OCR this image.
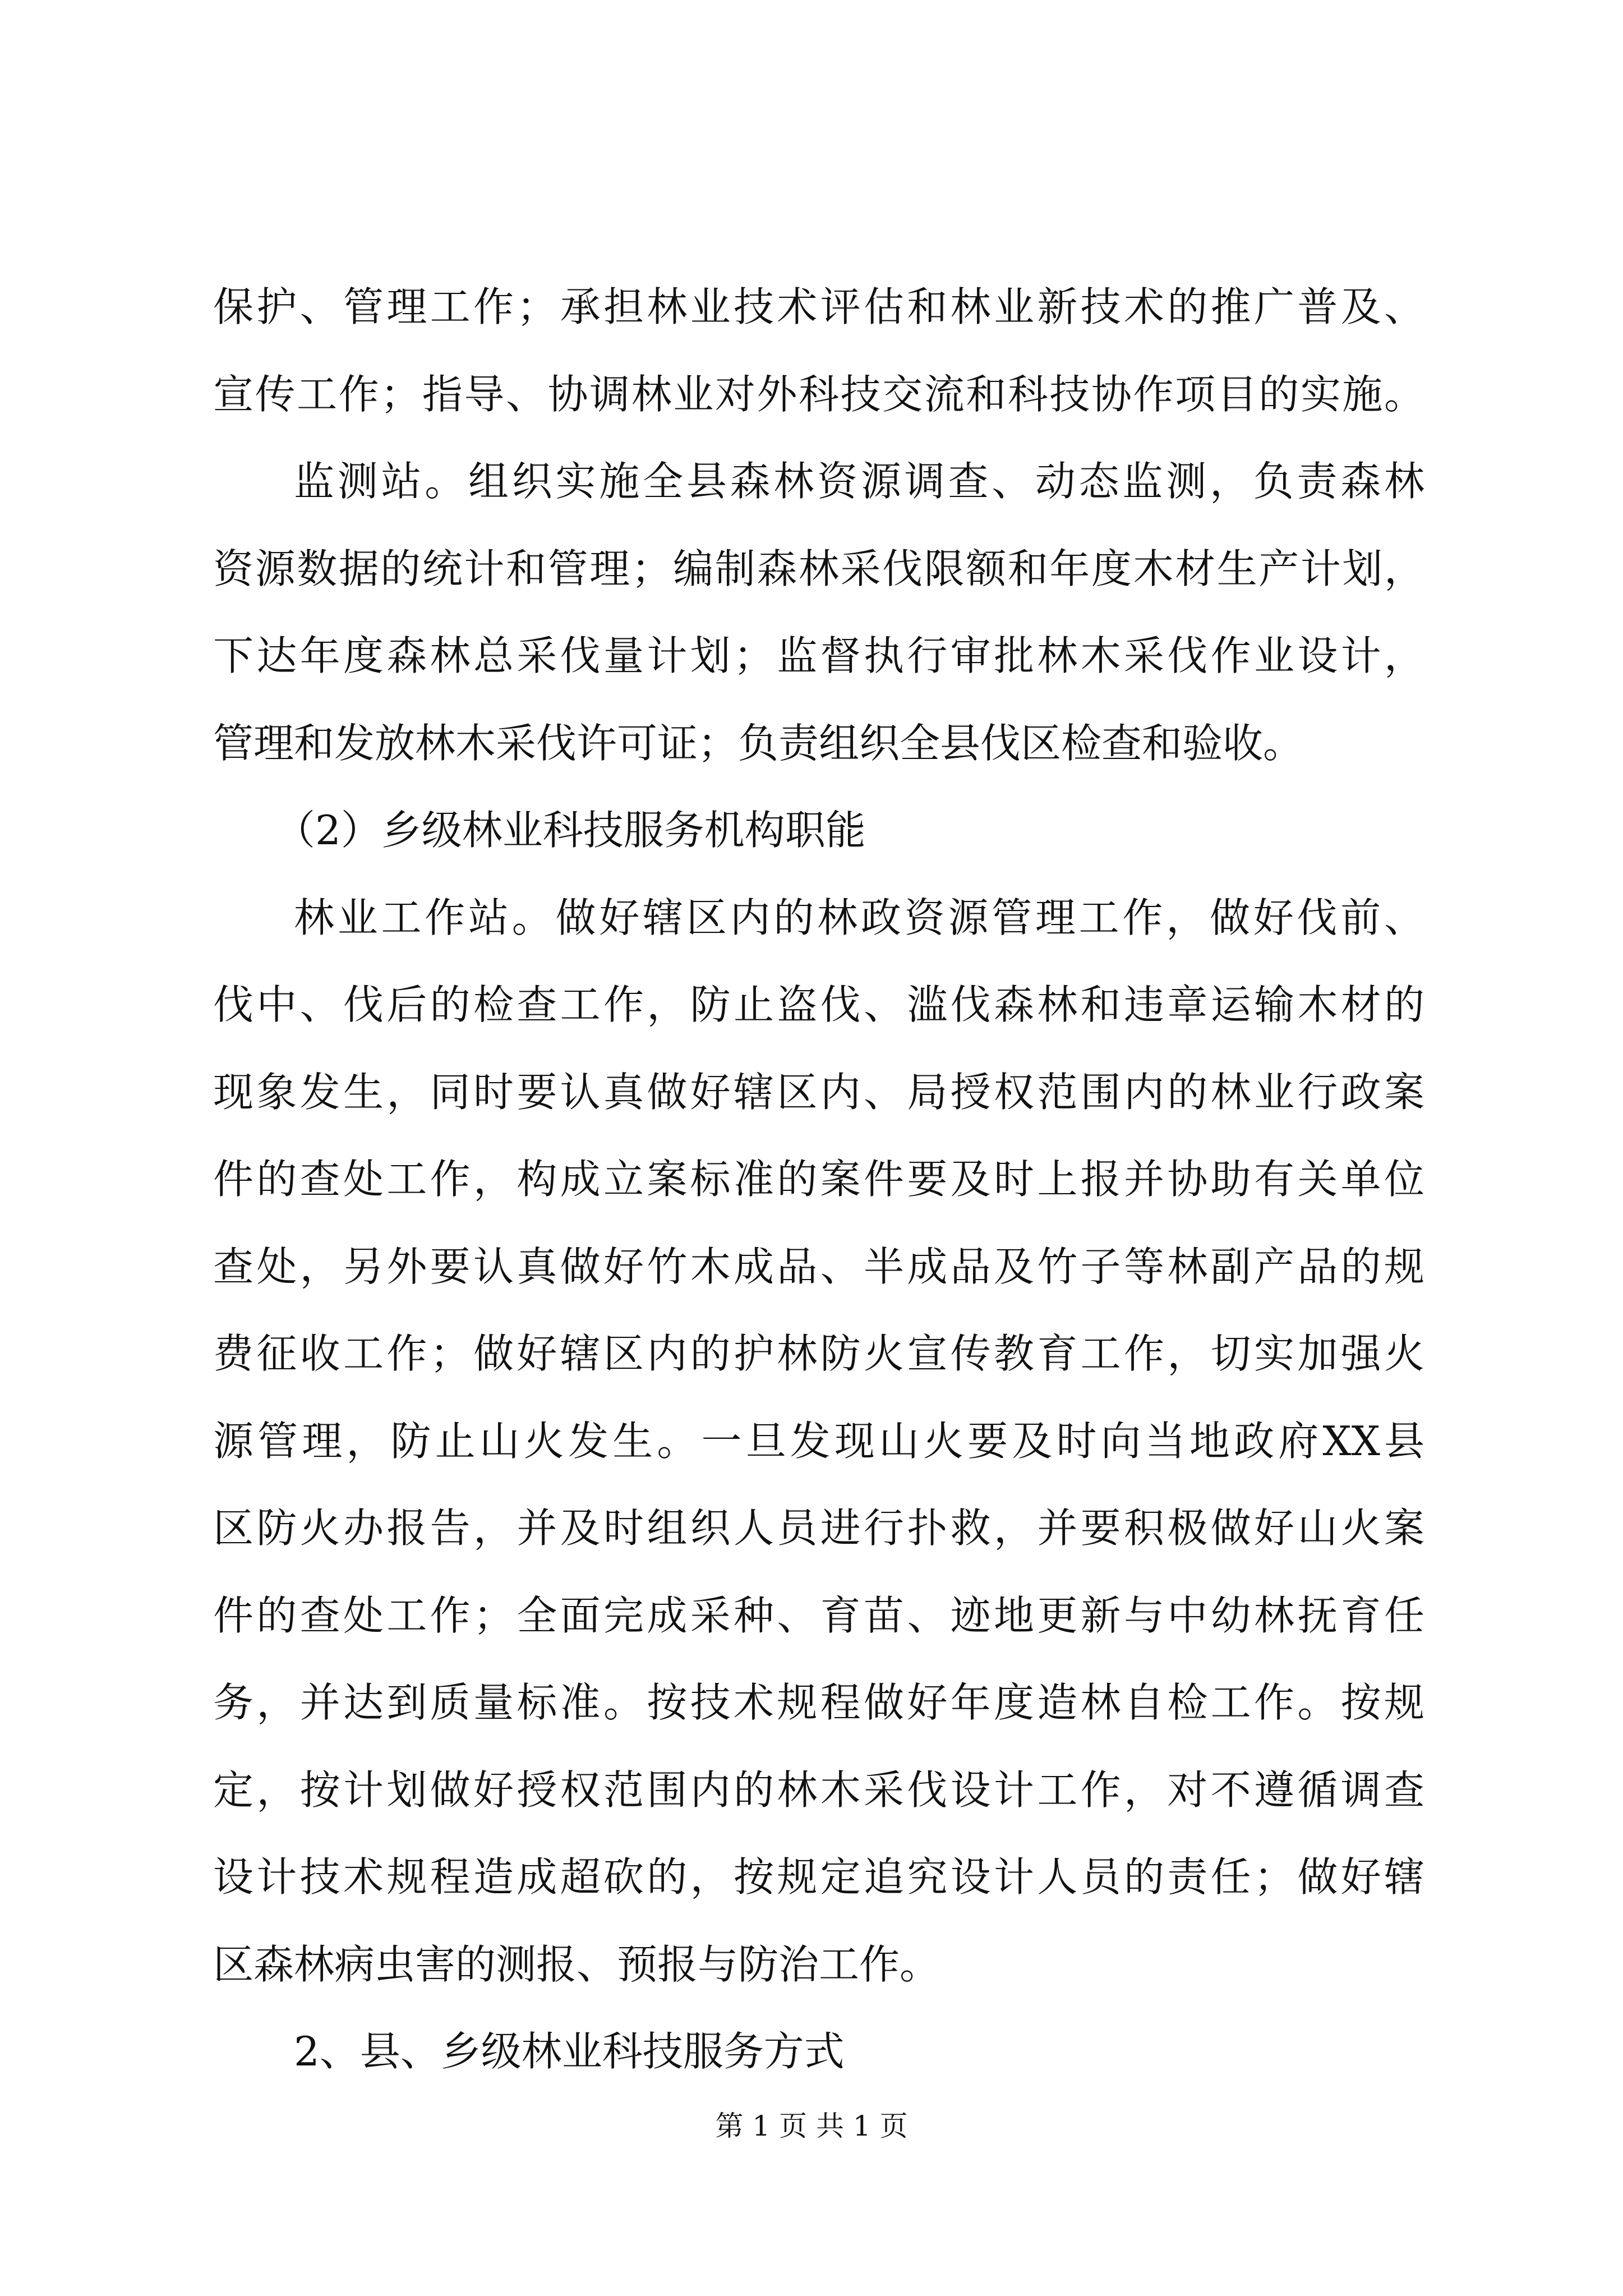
保护、管理工作；承担林业技术评估和林业新技术的推广普及、
宣传工作；指导、协调林业对外科技交流和科技协作项目的实施。
监测站。组织实施全县森林资源调查、动态监测，负责森林
资源数据的统计和管理；编制森林采伐限额和年度木材生产计划，
下达年度森林总采伐量计划；监督执行审批林木采伐作业设计，
管理和发放林木采伐许可证；负责组织全县伐区检查和验收。
（2）乡级林业科技服务机构职能
林业工作站。做好辖区内的林政资源管理工作，做好伐前、
伐中、伐后的检查工作，防止盗伐、滥伐森林和违章运输木材的
现象发生，同时要认真做好辖区内、局授权范围内的林业行政案
件的查处工作，构成立案标准的案件要及时上报并协助有关单位
查处，另外要认真做好竹木成品、半成品及竹子等林副产品的规
费征收工作；做好辖区内的护林防火宣传教育工作，切实加强火
源管理，防止山火发生。一旦发现山火要及时向当地政府XX县
区防火办报告，并及时组织人员进行扑救，并要积极做好山火案
件的查处工作；全面完成采种、育苗、迹地更新与中幼林抚育任
务，并达到质量标准。按技术规程做好年度造林自检工作。按规
定，按计划做好授权范围内的林木采伐设计工作，对不遵循调查
设计技术规程造成超砍的，按规定追究设计人员的责任；做好辖
区森林病虫害的测报、预报与防治工作。
2、县、乡级林业科技服务方式
第 1 页 共 1 页
